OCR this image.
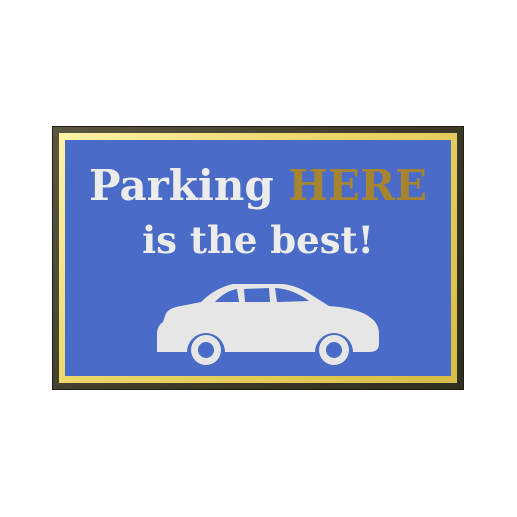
Parking HERE
is the best!
